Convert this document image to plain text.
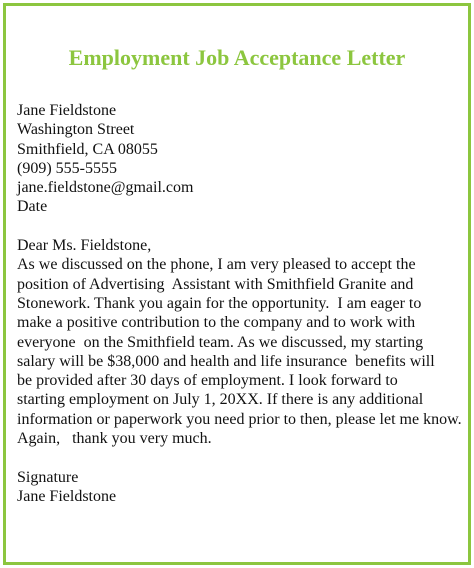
Employment Job Acceptance Letter
Jane Fieldstone
Washington Street
Smithfield, CA 08055
(909) 555-5555
jane.fieldstone@gmail.com
Date
Dear Ms. Fieldstone,
As we discussed on the phone, I am very pleased to accept the
position of Advertising  Assistant with Smithfield Granite and
Stonework. Thank you again for the opportunity.  I am eager to
make a positive contribution to the company and to work with
everyone  on the Smithfield team. As we discussed, my starting
salary will be $38,000 and health and life insurance  benefits will
be provided after 30 days of employment. I look forward to
starting employment on July 1, 20XX. If there is any additional
information or paperwork you need prior to then, please let me know.
Again,   thank you very much.
Signature
Jane Fieldstone
